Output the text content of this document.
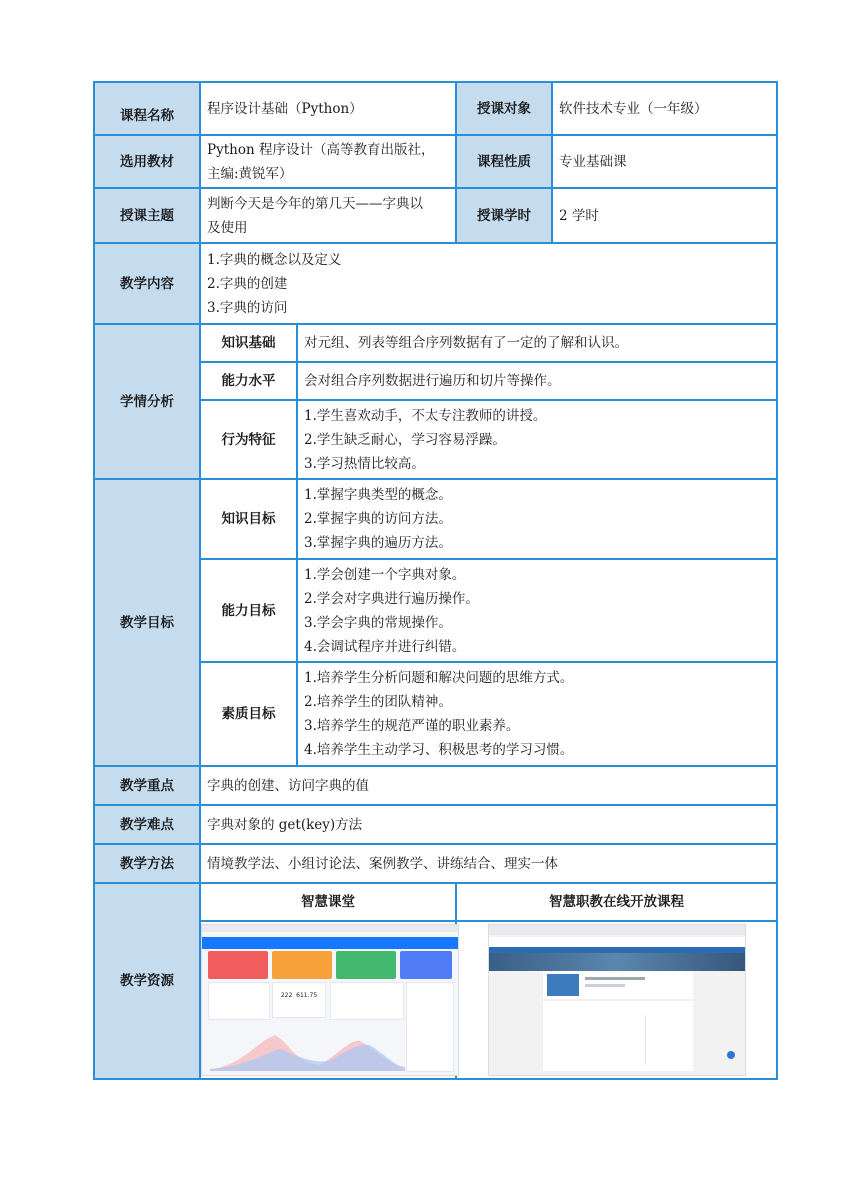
课程名称	程序设计基础（Python）		授课对象	软件技术专业（一年级）
选用教材	Python 程序设计（高等教育出版社，
主编:黄锐军）		课程性质	专业基础课
授课主题	判断今天是今年的第几天——字典以
及使用		授课学时	2 学时
教学内容	1.字典的概念以及定义
2.字典的创建
3.字典的访问			

学情分析	知识基础	对元组、列表等组合序列数据有了一定的了解和认识。		
	能力水平	会对组合序列数据进行遍历和切片等操作。		
	行为特征	1.学生喜欢动手，不太专注教师的讲授。
2.学生缺乏耐心，学习容易浮躁。
3.学习热情比较高。		

教学目标	知识目标	1.掌握字典类型的概念。
2.掌握字典的访问方法。
3.掌握字典的遍历方法。		

	能力目标	1.学会创建一个字典对象。
2.学会对字典进行遍历操作。
3.学会字典的常规操作。
4.会调试程序并进行纠错。		

	素质目标	1.培养学生分析问题和解决问题的思维方式。
2.培养学生的团队精神。
3.培养学生的规范严谨的职业素养。
4.培养学生主动学习、积极思考的学习习惯。		

教学重点	字典的创建、访问字典的值			
教学难点	字典对象的 get(key)方法			
教学方法	情境教学法、小组讨论法、案例教学、讲练结合、理实一体			
教学资源	智慧课堂		智慧职教在线开放课程	

	222 611.75			
